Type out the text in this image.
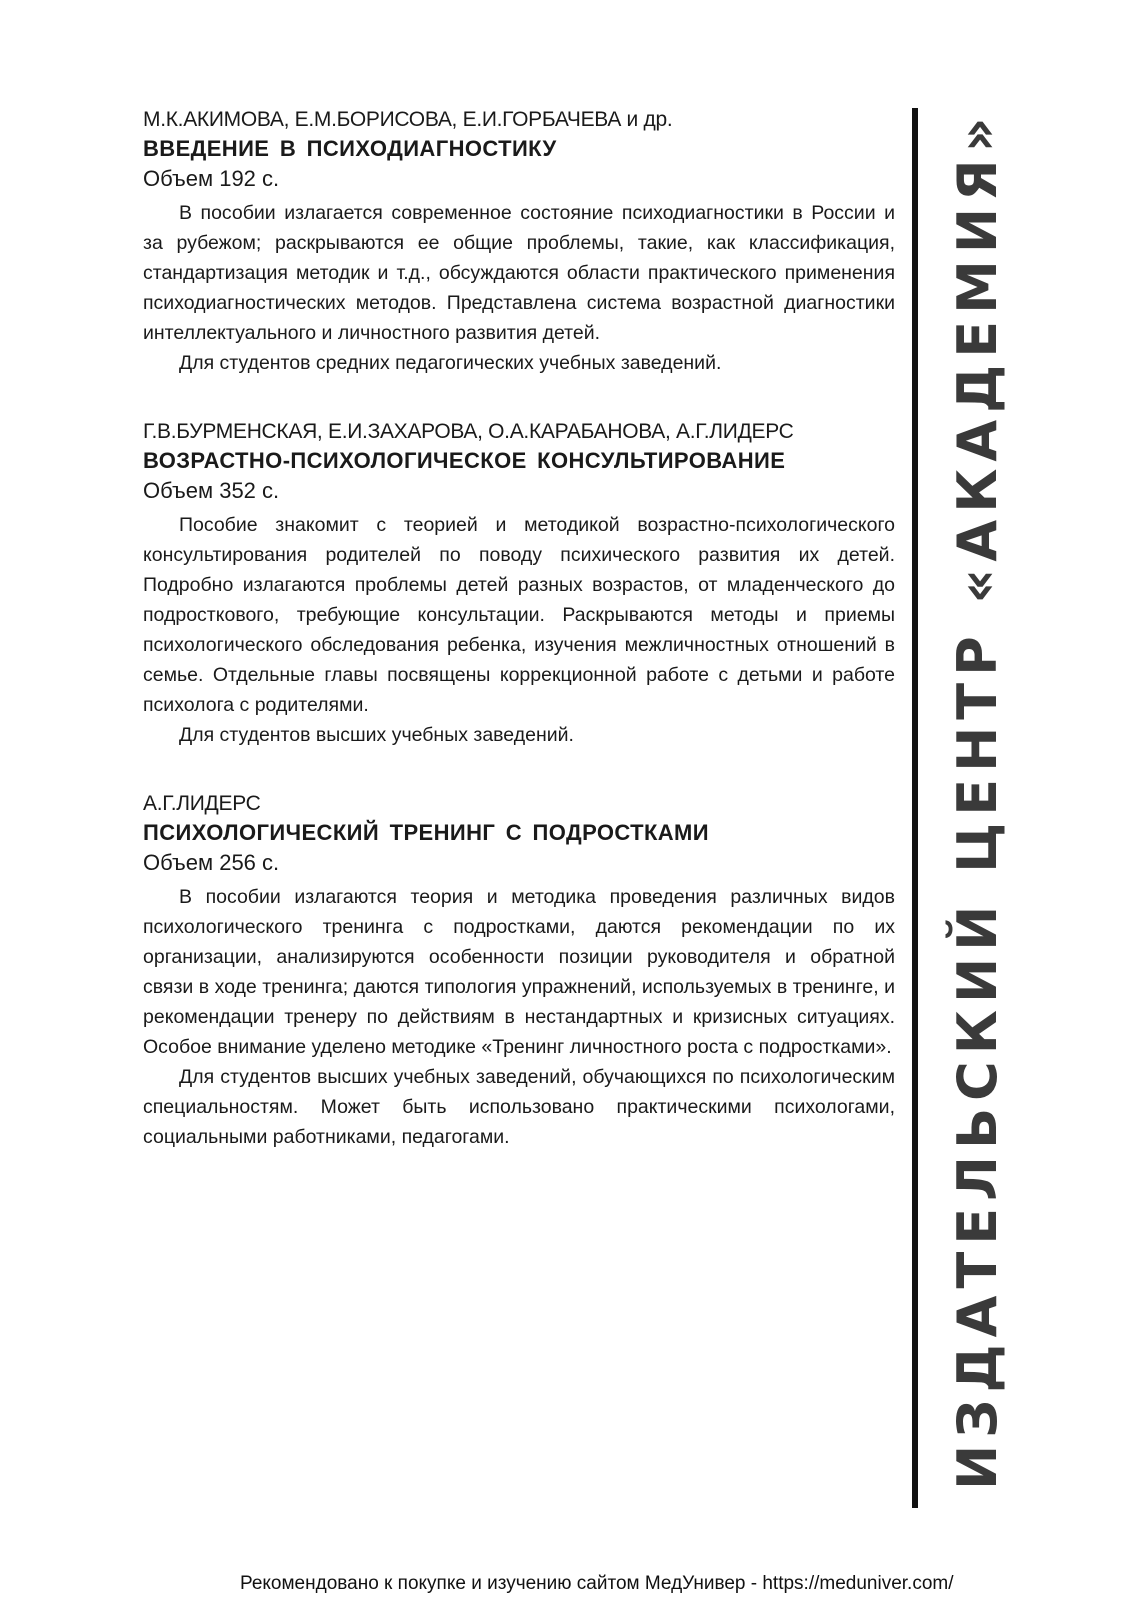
М.К.АКИМОВА, Е.М.БОРИСОВА, Е.И.ГОРБАЧЕВА и др.
ВВЕДЕНИЕ В ПСИХОДИАГНОСТИКУ
Объем 192 с.

В пособии излагается современное состояние психодиагностики в России и за рубежом; раскрываются ее общие проблемы, такие, как классификация, стандартизация методик и т.д., обсуждаются области практического применения психодиагностических методов. Представлена система возрастной диагностики интеллектуального и личностного развития детей.

Для студентов средних педагогических учебных заведений.

Г.В.БУРМЕНСКАЯ, Е.И.ЗАХАРОВА, О.А.КАРАБАНОВА, А.Г.ЛИДЕРС
ВОЗРАСТНО-ПСИХОЛОГИЧЕСКОЕ КОНСУЛЬТИРОВАНИЕ
Объем 352 с.

Пособие знакомит с теорией и методикой возрастно-психологического консультирования родителей по поводу психического развития их детей. Подробно излагаются проблемы детей разных возрастов, от младенческого до подросткового, требующие консультации. Раскрываются методы и приемы психологического обследования ребенка, изучения межличностных отношений в семье. Отдельные главы посвящены коррекционной работе с детьми и работе психолога с родителями.

Для студентов высших учебных заведений.

А.Г.ЛИДЕРС
ПСИХОЛОГИЧЕСКИЙ ТРЕНИНГ С ПОДРОСТКАМИ
Объем 256 с.

В пособии излагаются теория и методика проведения различных видов психологического тренинга с подростками, даются рекомендации по их организации, анализируются особенности позиции руководителя и обратной связи в ходе тренинга; даются типология упражнений, используемых в тренинге, и рекомендации тренеру по действиям в нестандартных и кризисных ситуациях. Особое внимание уделено методике «Тренинг личностного роста с подростками».

Для студентов высших учебных заведений, обучающихся по психологическим специальностям. Может быть использовано практическими психологами, социальными работниками, педагогами.	ИЗДАТЕЛЬСКИЙ ЦЕНТР «АКАДЕМИЯ»
Рекомендовано к покупке и изучению сайтом МедУнивер - https://meduniver.com/
